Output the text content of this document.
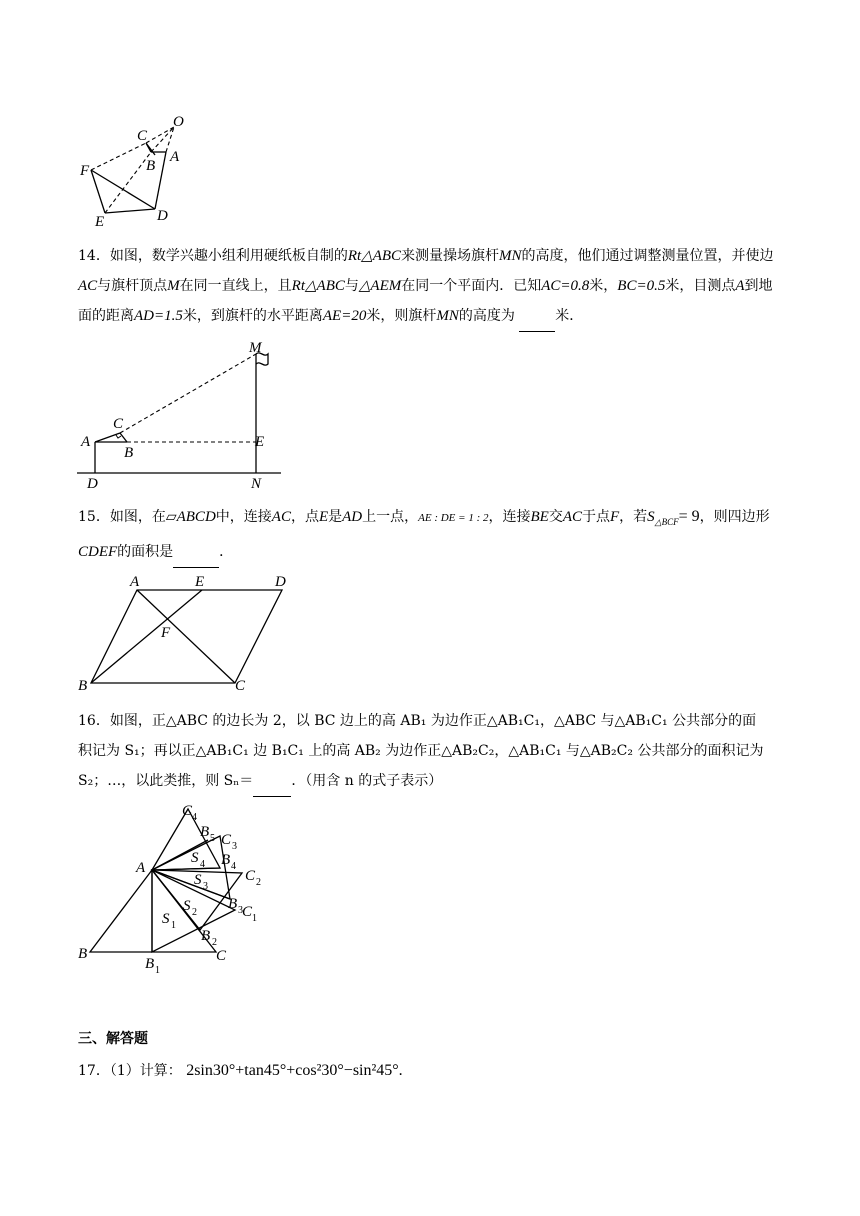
O
C
A
B
F
E	D
14．如图，数学兴趣小组利用硬纸板自制的Rt△ABC来测量操场旗杆MN的高度，他们通过调整测量位置，并使边AC与旗杆顶点M在同一直线上，且Rt△ABC与△AEM在同一个平面内．已知AC=0.8米，BC=0.5米，目测点A到地面的距离AD=1.5米，到旗杆的水平距离AE=20米，则旗杆MN的高度为	米．
M
C
A
B
E
D	N
15．如图，在▱ABCD中，连接AC，点E是AD上一点，AE : DE = 1 : 2，连接BE交AC于点F，若$S_{\triangle BCF}= 9$，则四边形CDEF的面积是	．
A	E	D
F
B	C
16．如图，正△ABC 的边长为 2，以 BC 边上的高 AB₁ 为边作正△AB₁C₁，△ABC 与△AB₁C₁ 公共部分的面
积记为 S₁；再以正△AB₁C₁ 边 B₁C₁ 上的高 AB₂ 为边作正△AB₂C₂，△AB₁C₁ 与△AB₂C₂ 公共部分的面积记为
S₂；…，以此类推，则 Sₙ＝	．（用含 n 的式子表示）
A
B	C
B 1
C 1
B 2
C 2
B 3
C 3
B 4
C 4
B 5
S 1
S 2
S 3
S 4
三、解答题
17．（1）计算： 2sin30°+tan45°+cos²30°−sin²45°.
